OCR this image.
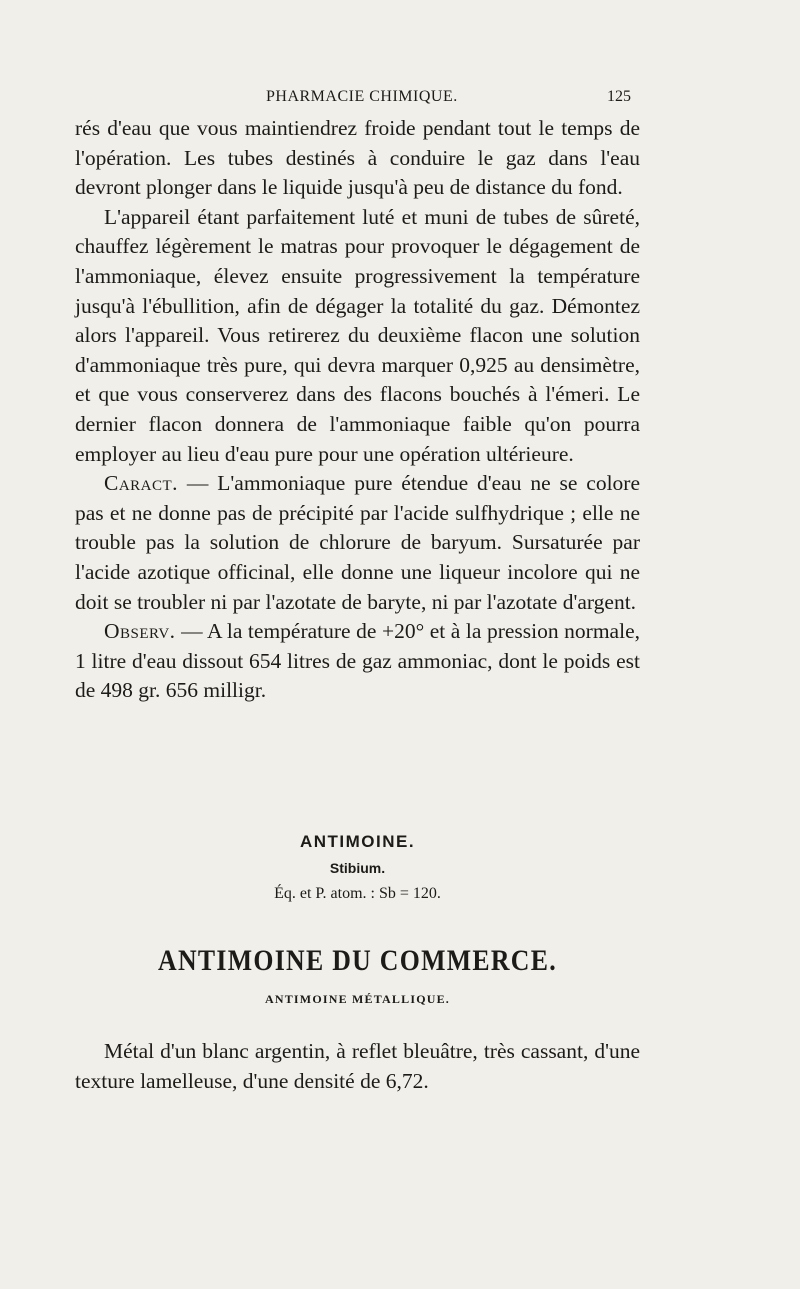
PHARMACIE CHIMIQUE.	125

rés d'eau que vous maintiendrez froide pendant tout le temps de l'opération. Les tubes destinés à conduire le gaz dans l'eau devront plonger dans le liquide jusqu'à peu de distance du fond.

L'appareil étant parfaitement luté et muni de tubes de sûreté, chauffez légèrement le matras pour provoquer le dégagement de l'ammoniaque, élevez ensuite progressivement la température jusqu'à l'ébullition, afin de dégager la totalité du gaz. Démontez alors l'appareil. Vous retirerez du deuxième flacon une solution d'ammoniaque très pure, qui devra marquer 0,925 au densimètre, et que vous conserverez dans des flacons bouchés à l'émeri. Le dernier flacon donnera de l'ammoniaque faible qu'on pourra employer au lieu d'eau pure pour une opération ultérieure.

Caract. — L'ammoniaque pure étendue d'eau ne se colore pas et ne donne pas de précipité par l'acide sulfhydrique ; elle ne trouble pas la solution de chlorure de baryum. Sursaturée par l'acide azotique officinal, elle donne une liqueur incolore qui ne doit se troubler ni par l'azotate de baryte, ni par l'azotate d'argent.

Observ. — A la température de +20° et à la pression normale, 1 litre d'eau dissout 654 litres de gaz ammoniac, dont le poids est de 498 gr. 656 milligr.

ANTIMOINE.
Stibium.
Éq. et P. atom. : Sb = 120.
ANTIMOINE DU COMMERCE.
ANTIMOINE MÉTALLIQUE.

Métal d'un blanc argentin, à reflet bleuâtre, très cassant, d'une texture lamelleuse, d'une densité de 6,72.
